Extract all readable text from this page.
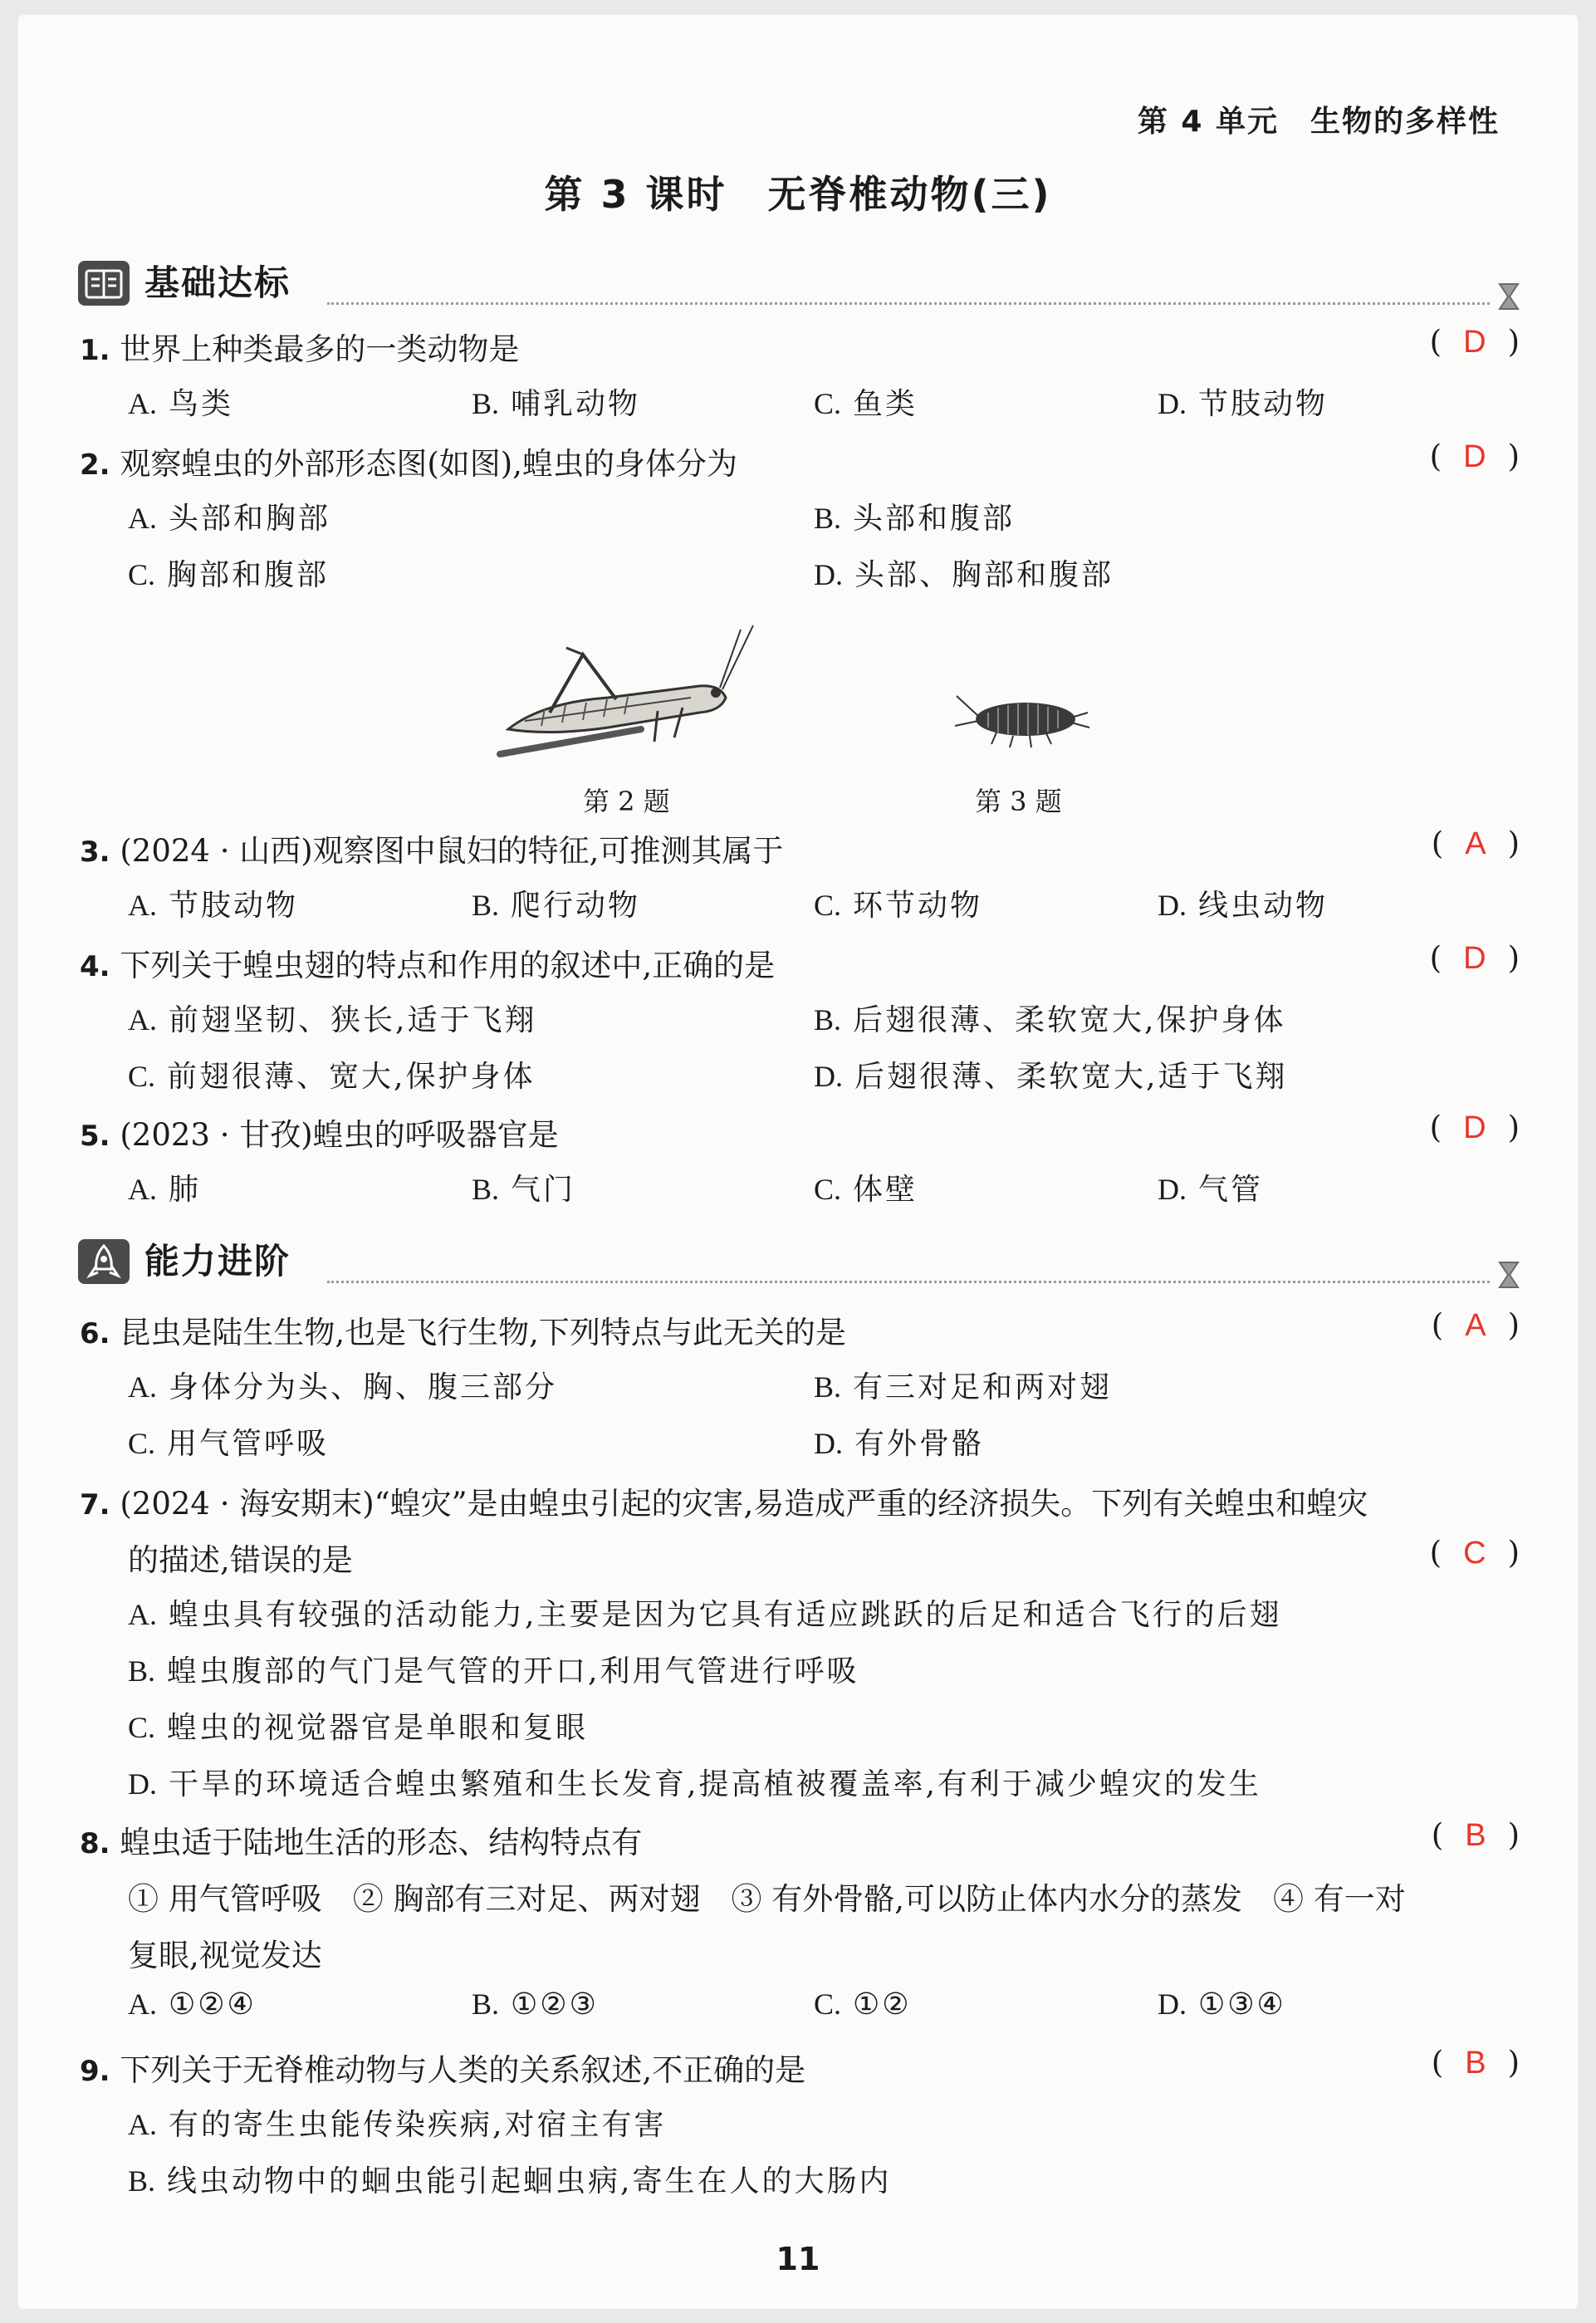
第 4 单元　生物的多样性
第 3 课时　无脊椎动物(三)
基础达标
1. 世界上种类最多的一类动物是	( D )
A. 鸟类	B. 哺乳动物	C. 鱼类	D. 节肢动物
2. 观察蝗虫的外部形态图(如图),蝗虫的身体分为	( D )
A. 头部和胸部	B. 头部和腹部
C. 胸部和腹部	D. 头部、胸部和腹部
第 2 题	第 3 题
3. (2024 · 山西)观察图中鼠妇的特征,可推测其属于	( A )
A. 节肢动物	B. 爬行动物	C. 环节动物	D. 线虫动物
4. 下列关于蝗虫翅的特点和作用的叙述中,正确的是	( D )
A. 前翅坚韧、狭长,适于飞翔	B. 后翅很薄、柔软宽大,保护身体
C. 前翅很薄、宽大,保护身体	D. 后翅很薄、柔软宽大,适于飞翔
5. (2023 · 甘孜)蝗虫的呼吸器官是	( D )
A. 肺	B. 气门	C. 体壁	D. 气管
能力进阶
6. 昆虫是陆生生物,也是飞行生物,下列特点与此无关的是	( A )
A. 身体分为头、胸、腹三部分	B. 有三对足和两对翅
C. 用气管呼吸	D. 有外骨骼
7. (2024 · 海安期末)“蝗灾”是由蝗虫引起的灾害,易造成严重的经济损失。下列有关蝗虫和蝗灾
的描述,错误的是	( C )
A. 蝗虫具有较强的活动能力,主要是因为它具有适应跳跃的后足和适合飞行的后翅
B. 蝗虫腹部的气门是气管的开口,利用气管进行呼吸
C. 蝗虫的视觉器官是单眼和复眼
D. 干旱的环境适合蝗虫繁殖和生长发育,提高植被覆盖率,有利于减少蝗灾的发生
8. 蝗虫适于陆地生活的形态、结构特点有	( B )
① 用气管呼吸　② 胸部有三对足、两对翅　③ 有外骨骼,可以防止体内水分的蒸发　④ 有一对
复眼,视觉发达
A. ①②④	B. ①②③	C. ①②	D. ①③④
9. 下列关于无脊椎动物与人类的关系叙述,不正确的是	( B )
A. 有的寄生虫能传染疾病,对宿主有害
B. 线虫动物中的蛔虫能引起蛔虫病,寄生在人的大肠内
11
